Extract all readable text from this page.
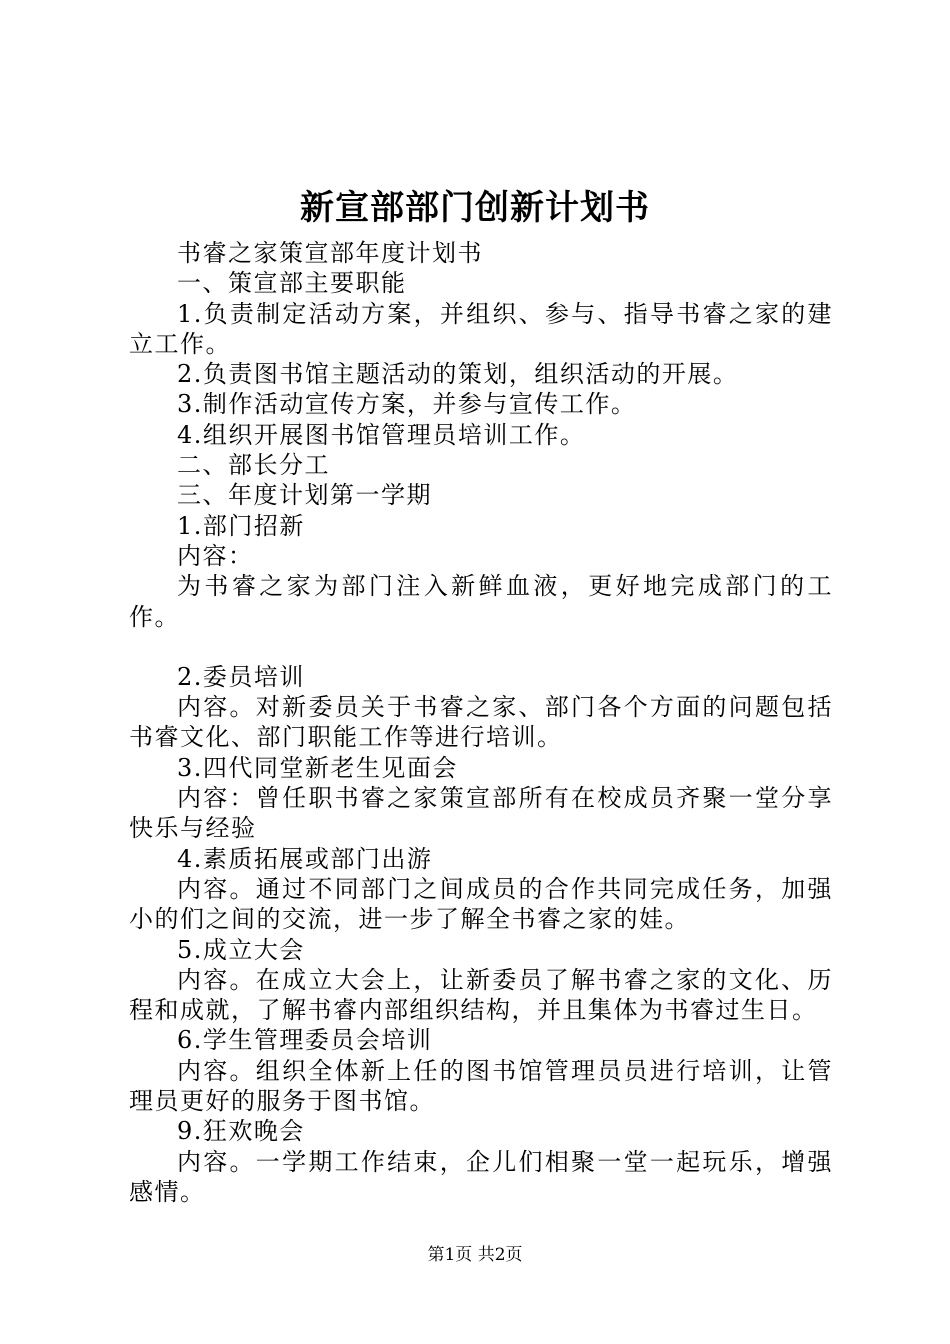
新宣部部门创新计划书

书睿之家策宣部年度计划书

一、策宣部主要职能

1.负责制定活动方案，并组织、参与、指导书睿之家的建立工作。

2.负责图书馆主题活动的策划，组织活动的开展。

3.制作活动宣传方案，并参与宣传工作。

4.组织开展图书馆管理员培训工作。

二、部长分工

三、年度计划第一学期

1.部门招新

内容：

为书睿之家为部门注入新鲜血液，更好地完成部门的工作。

2.委员培训

内容。对新委员关于书睿之家、部门各个方面的问题包括书睿文化、部门职能工作等进行培训。

3.四代同堂新老生见面会

内容：曾任职书睿之家策宣部所有在校成员齐聚一堂分享快乐与经验

4.素质拓展或部门出游

内容。通过不同部门之间成员的合作共同完成任务，加强小的们之间的交流，进一步了解全书睿之家的娃。

5.成立大会

内容。在成立大会上，让新委员了解书睿之家的文化、历程和成就，了解书睿内部组织结构，并且集体为书睿过生日。

6.学生管理委员会培训

内容。组织全体新上任的图书馆管理员员进行培训，让管理员更好的服务于图书馆。

9.狂欢晚会

内容。一学期工作结束，企儿们相聚一堂一起玩乐，增强感情。

第1页 共2页
